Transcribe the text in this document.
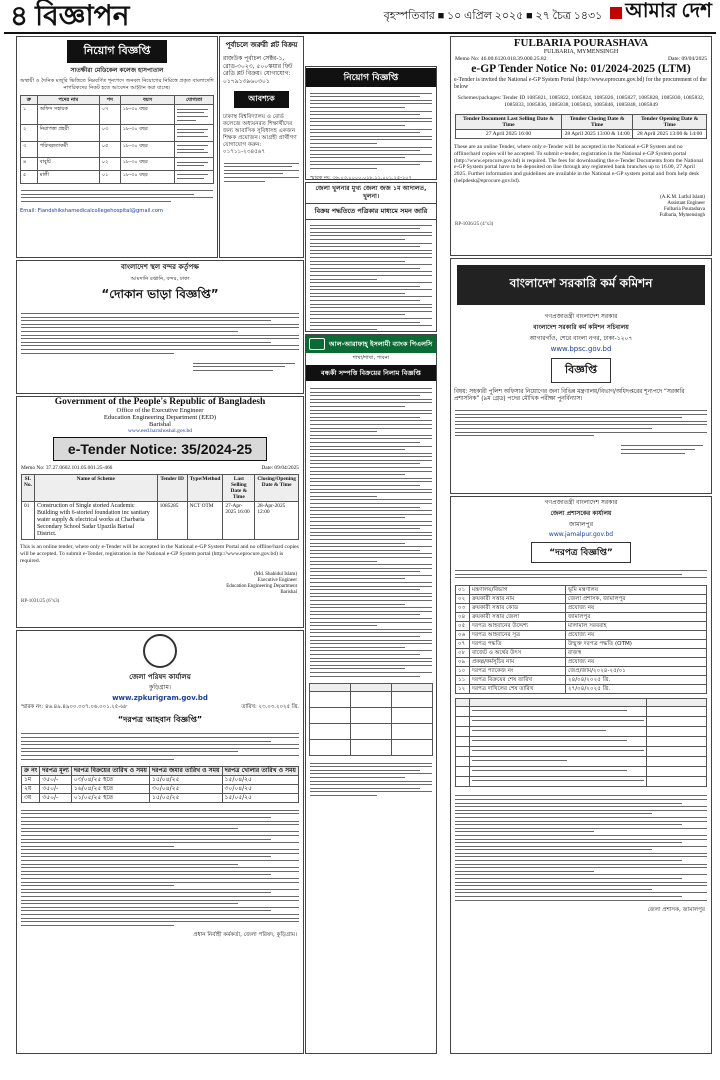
৪ বিজ্ঞাপন	বৃহস্পতিবার ■ ১০ এপ্রিল ২০২৫ ■ ২৭ চৈত্র ১৪৩১	আমার দেশ
নিয়োগ বিজ্ঞপ্তি
সাতক্ষীরা মেডিকেল কলেজ হাসপাতাল
অস্থায়ী ও দৈনিক মজুরি ভিত্তিতে নিম্নবর্ণিত শূন্যপদে জনবল নিয়োগের নিমিত্তে প্রকৃত বাংলাদেশি নাগরিকদের নিকট হতে আবেদন আহ্বান করা যাচ্ছে।
ক্র	পদের নাম	পদ	বয়স	যোগ্যতা
১	অফিস সহায়ক	০৭	১৮-৩০ বছর	

২	নিরাপত্তা প্রহরী	০৩	১৮-৩০ বছর	

৩	পরিচ্ছন্নতাকর্মী	০৫	১৮-৩০ বছর	

৪	বাবুর্চি	০২	১৮-৩০ বছর	

৫	মালী	০১	১৮-৩০ বছর	
Email: Fiandshikshamedicalcollegehospital@gmail.com
পূর্বাচলে জরুরী প্লট বিক্রয়
রাজউক পূর্বাচল সেক্টর-১, রোড-৩০২৩, ৫০০স্কয়ার ফিট রেডি প্লট বিক্রয়। যোগাযোগ: ০১৭৯১৩৯৬০৩০১
আবশ্যক
ঢাকাস্থ বিশ্ববিদ্যালয় ও বোর্ড কলেজে অধ্যয়নরত শিক্ষার্থীদের জন্য আবাসিক সুবিধাসহ একজন শিক্ষক প্রয়োজন। আগ্রহী প্রার্থীগণ যোগাযোগ করুন: ০১৭১১-২৩৪৫৬৭
নিয়োগ বিজ্ঞপ্তি
স্মারক নং: ৩৬.০৩.০০০০.০১৮.১১.০০১.২৫-১০৭
জেলা খুলনার মুখ্য জেলা জজ ১ম আদালত, খুলনা।
বিক্রয় পদ্ধতিতে পত্রিকার মাধ্যমে সমন জারি
FULBARIA POURASHAVA
FULBARIA, MYMENSINGH
Memo No: 46.00.6120.018.39.000.25.82	Date: 09/04/2025
e-GP Tender Notice No: 01/2024-2025 (LTM)
e-Tender is invited the National e-GP System Portal (http://www.eprocure.gov.bd) for the procurement of the below
Schemes/packages: Tender ID 1085821, 1085822, 1085824, 1085826, 1085827, 1085828, 1085830, 1085832, 1085833, 1085836, 1085838, 1085843, 1085846, 1085848, 1085849
Tender Document Last Selling Date & Time	Tender Closing Date & Time	Tender Opening Date & Time
27 April 2025 16:00	28 April 2025 13:00 & 14:00	28 April 2025 13:00 & 14:00
These are an online Tender, where only e-Tender will be accepted in the National e-GP System and no offline/hard copies will be accepted. To submit e-tender, registration in the National e-GP System portal (http://www.eprocure.gov.bd) is required. The fees for downloading the e-Tender Documents from the National e-GP System portal have to be deposited on line through any registered bank branches up to 16.00, 27 April 2025. Further information and guidelines are available in the National e-GP system portal and from help desk (helpdesk@eprocure.gov.bd).
(A.K.M. Lutful Islam)
Assistant Engineer
Fulbaria Pourashava
Fulbaria, Mymensingh
RP-1036/25 (4"x3)
বাংলাদেশ স্থল বন্দর কর্তৃপক্ষ
আমদানি রপ্তানি, বন্দর, ঢাকা
“দোকান ভাড়া বিজ্ঞপ্তি”
আল-আরাফাহ্ ইসলামী ব্যাংক পিএলসি
শাখা/শাখা, পাবনা
বন্ধকী সম্পত্তি বিক্রয়ের নিলাম বিজ্ঞপ্তি

বাংলাদেশ সরকারি কর্ম কমিশন
গণপ্রজাতন্ত্রী বাংলাদেশ সরকার
বাংলাদেশ সরকারি কর্ম কমিশন সচিবালয়
আগারগাঁও, শেরে বাংলা নগর, ঢাকা-১২০৭
www.bpsc.gov.bd
বিজ্ঞপ্তি
বিষয়: সহকারী পুলিশ অফিসার নিয়োগের জন্য বিভিন্ন মন্ত্রণালয়/বিভাগ/অধিদপ্তরের শূন্যপদে “সরকারি প্রশাসনিক” (৯ম গ্রেড) পদের মৌখিক পরীক্ষা পুনর্বিন্যাস।
Government of the People's Republic of Bangladesh
Office of the Executive Engineer
Education Engineering Department (EED)
Barishal
www.eed.barishoshal.gov.bd
e-Tender Notice: 35/2024-25
Memo No: 37.27.0602.101.05.001.25-466	Date: 09/04/2025
SL No.	Name of Scheme	Tender ID	Type/Method	Last Selling Date & Time	Closing/Opening Date & Time
01	Construction of Single storied Academic Building with 6-storied foundation inc sanitary water supply & electrical works at Charbaria Secondary School Sadar Upazila Barisal District.	1085285	NCT OTM	27-Apr-2025 16:00	28-Apr-2025 12:00
This is an online tender, where only e-Tender will be accepted in the National e-GP System Portal and no offline/hard copies will be accepted. To submit e-Tender, registration in the National e-GP System portal (http://www.eprocure.gov.bd) is required.
(Md. Shahidul Islam)
Executive Engineer
Education Engineering Department
Barishal
RP-1031/25 (6"x3)
জেলা পরিষদ কার্যালয়
কুড়িগ্রাম।
www.zpkurigram.gov.bd
স্মারক নং: ৪৬.৪৯.৪৯০০.০০৭.০৬.০০১.২৫-৬৮	তারিখ: ২৩.০৩.২০২৫ খ্রি.
“দরপত্র আহবান বিজ্ঞপ্তি”
ক্র নং	দরপত্র মূল্য	দরপত্র বিক্রয়ের তারিখ ও সময়	দরপত্র জমার তারিখ ও সময়	দরপত্র খোলার তারিখ ও সময়
১ম	৩৫০/-	০৩/০৪/২৫ হতে	১৫/০৪/২৫	১৫/০৪/২৫
২য়	৩৫০/-	১৬/০৪/২৫ হতে	৩০/০৪/২৫	৩০/০৪/২৫
৩য়	৩৫০/-	০১/০৫/২৫ হতে	১৫/০৫/২৫	১৫/০৫/২৫
প্রধান নির্বাহী কর্মকর্তা, জেলা পরিষদ, কুড়িগ্রাম।
গণপ্রজাতন্ত্রী বাংলাদেশ সরকার
জেলা প্রশাসকের কার্যালয়
জামালপুর
www.jamalpur.gov.bd
“দরপত্র বিজ্ঞপ্তি”
০১	মন্ত্রণালয়/বিভাগ	ভূমি মন্ত্রণালয়
০২	ক্রয়কারী সত্তার নাম	জেলা প্রশাসক, জামালপুর
০৩	ক্রয়কারী সত্তার কোড	প্রযোজ্য নয়
০৪	ক্রয়কারী সত্তার জেলা	জামালপুর
০৫	দরপত্র আহবানের উদ্দেশ্য	মালামাল সরবরাহ
০৬	দরপত্র আহবানের সূত্র	প্রযোজ্য নয়
০৭	দরপত্র পদ্ধতি	উন্মুক্ত দরপত্র পদ্ধতি (OTM)
০৮	বাজেট ও অর্থের উৎস	রাজস্ব
০৯	প্রকল্প/কর্মসূচির নাম	প্রযোজ্য নয়
১০	দরপত্র প্যাকেজ নং	জেপ্র/জাম/২০২৪-২৫/০১
১১	দরপত্র বিক্রয়ের শেষ তারিখ	২৪/০৪/২০২৫ খ্রি.
১২	দরপত্র দাখিলের শেষ তারিখ	২৭/০৪/২০২৫ খ্রি.

জেলা প্রশাসক, জামালপুর
